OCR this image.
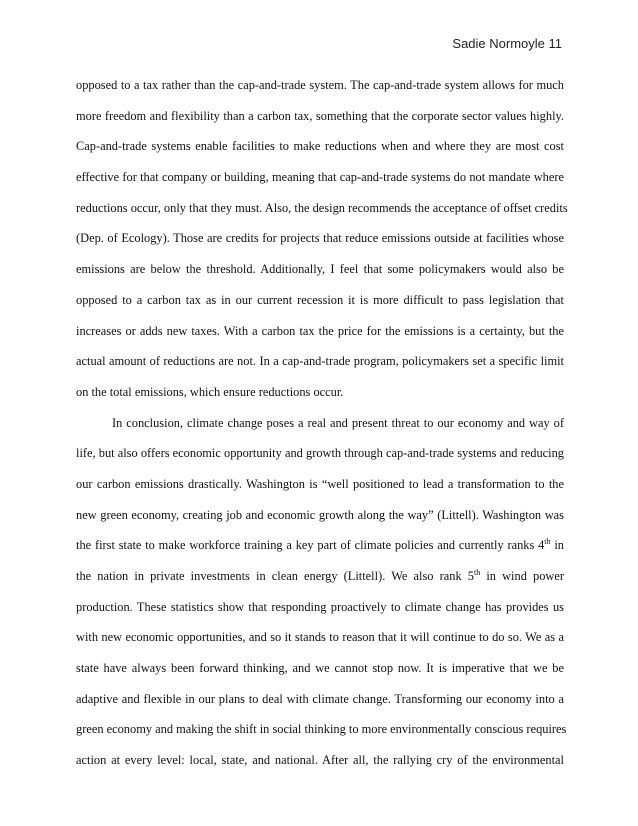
Sadie Normoyle 11
opposed to a tax rather than the cap-and-trade system. The cap-and-trade system allows for much
more freedom and flexibility than a carbon tax, something that the corporate sector values highly.
Cap-and-trade systems enable facilities to make reductions when and where they are most cost
effective for that company or building, meaning that cap-and-trade systems do not mandate where
reductions occur, only that they must. Also, the design recommends the acceptance of offset credits
(Dep. of Ecology). Those are credits for projects that reduce emissions outside at facilities whose
emissions are below the threshold. Additionally, I feel that some policymakers would also be
opposed to a carbon tax as in our current recession it is more difficult to pass legislation that
increases or adds new taxes. With a carbon tax the price for the emissions is a certainty, but the
actual amount of reductions are not. In a cap-and-trade program, policymakers set a specific limit
on the total emissions, which ensure reductions occur.
In conclusion, climate change poses a real and present threat to our economy and way of
life, but also offers economic opportunity and growth through cap-and-trade systems and reducing
our carbon emissions drastically. Washington is “well positioned to lead a transformation to the
new green economy, creating job and economic growth along the way” (Littell). Washington was
the first state to make workforce training a key part of climate policies and currently ranks 4th in
the nation in private investments in clean energy (Littell). We also rank 5th in wind power
production. These statistics show that responding proactively to climate change has provides us
with new economic opportunities, and so it stands to reason that it will continue to do so. We as a
state have always been forward thinking, and we cannot stop now. It is imperative that we be
adaptive and flexible in our plans to deal with climate change. Transforming our economy into a
green economy and making the shift in social thinking to more environmentally conscious requires
action at every level: local, state, and national. After all, the rallying cry of the environmental
